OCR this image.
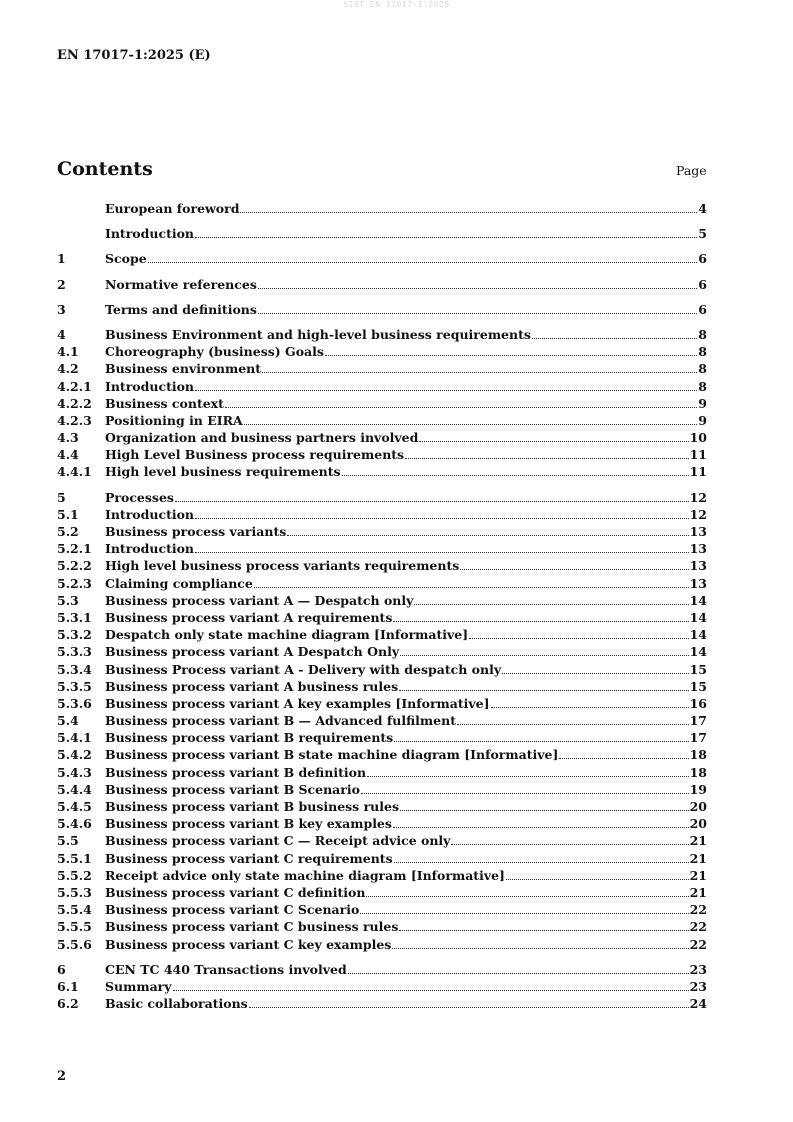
SIST EN 17017-1:2025
EN 17017-1:2025 (E)
Contents	Page
European foreword	4
Introduction	5
1	Scope	6
2	Normative references	6
3	Terms and definitions	6
4	Business Environment and high-level business requirements	8
4.1	Choreography (business) Goals	8
4.2	Business environment	8
4.2.1	Introduction	8
4.2.2	Business context	9
4.2.3	Positioning in EIRA	9
4.3	Organization and business partners involved	10
4.4	High Level Business process requirements	11
4.4.1	High level business requirements	11
5	Processes	12
5.1	Introduction	12
5.2	Business process variants	13
5.2.1	Introduction	13
5.2.2	High level business process variants requirements	13
5.2.3	Claiming compliance	13
5.3	Business process variant A — Despatch only	14
5.3.1	Business process variant A requirements	14
5.3.2	Despatch only state machine diagram [Informative]	14
5.3.3	Business process variant A Despatch Only	14
5.3.4	Business Process variant A - Delivery with despatch only	15
5.3.5	Business process variant A business rules	15
5.3.6	Business process variant A key examples [Informative]	16
5.4	Business process variant B — Advanced fulfilment	17
5.4.1	Business process variant B requirements	17
5.4.2	Business process variant B state machine diagram [Informative]	18
5.4.3	Business process variant B definition	18
5.4.4	Business process variant B Scenario	19
5.4.5	Business process variant B business rules	20
5.4.6	Business process variant B key examples	20
5.5	Business process variant C — Receipt advice only	21
5.5.1	Business process variant C requirements	21
5.5.2	Receipt advice only state machine diagram [Informative]	21
5.5.3	Business process variant C definition	21
5.5.4	Business process variant C Scenario	22
5.5.5	Business process variant C business rules	22
5.5.6	Business process variant C key examples	22
6	CEN TC 440 Transactions involved	23
6.1	Summary	23
6.2	Basic collaborations	24
2
